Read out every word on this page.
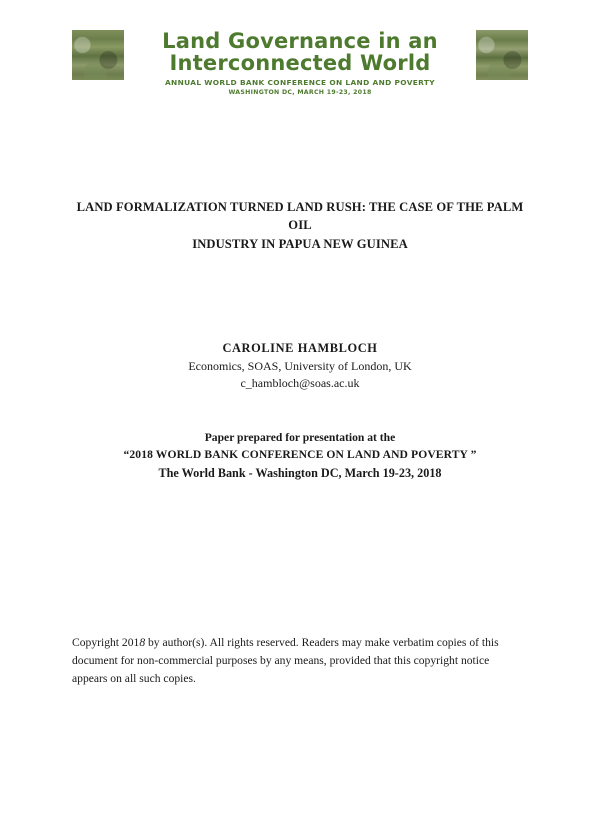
Land Governance in an
Interconnected World
ANNUAL WORLD BANK CONFERENCE ON LAND AND POVERTY
WASHINGTON DC, MARCH 19-23, 2018
LAND FORMALIZATION TURNED LAND RUSH: THE CASE OF THE PALM OIL
INDUSTRY IN PAPUA NEW GUINEA
CAROLINE HAMBLOCH
Economics, SOAS, University of London, UK
c_hambloch@soas.ac.uk
Paper prepared for presentation at the
“2018 WORLD BANK CONFERENCE ON LAND AND POVERTY ”
The World Bank - Washington DC, March 19-23, 2018
Copyright 2018 by author(s). All rights reserved. Readers may make verbatim copies of this document for non-commercial purposes by any means, provided that this copyright notice appears on all such copies.
